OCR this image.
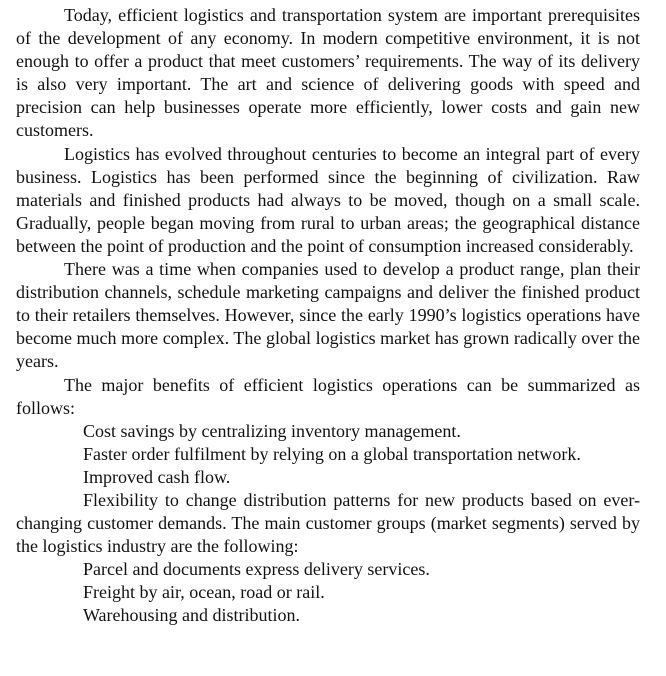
Today, efficient logistics and transportation system are important prerequisites of the development of any economy. In modern competitive environment, it is not enough to offer a product that meet customers’ requirements. The way of its delivery is also very important. The art and science of delivering goods with speed and precision can help businesses operate more efficiently, lower costs and gain new customers.

Logistics has evolved throughout centuries to become an integral part of every business. Logistics has been performed since the beginning of civilization. Raw materials and finished products had always to be moved, though on a small scale. Gradually, people began moving from rural to urban areas; the geographical distance between the point of production and the point of consumption increased considerably.

There was a time when companies used to develop a product range, plan their distribution channels, schedule marketing campaigns and deliver the finished product to their retailers themselves. However, since the early 1990’s logistics operations have become much more complex. The global logistics market has grown radically over the years.

The major benefits of efficient logistics operations can be summarized as follows:

Cost savings by centralizing inventory management.
Faster order fulfilment by relying on a global transportation network.
Improved cash flow.

Flexibility to change distribution patterns for new products based on ever-changing customer demands. The main customer groups (market segments) served by the logistics industry are the following:

Parcel and documents express delivery services.
Freight by air, ocean, road or rail.
Warehousing and distribution.
